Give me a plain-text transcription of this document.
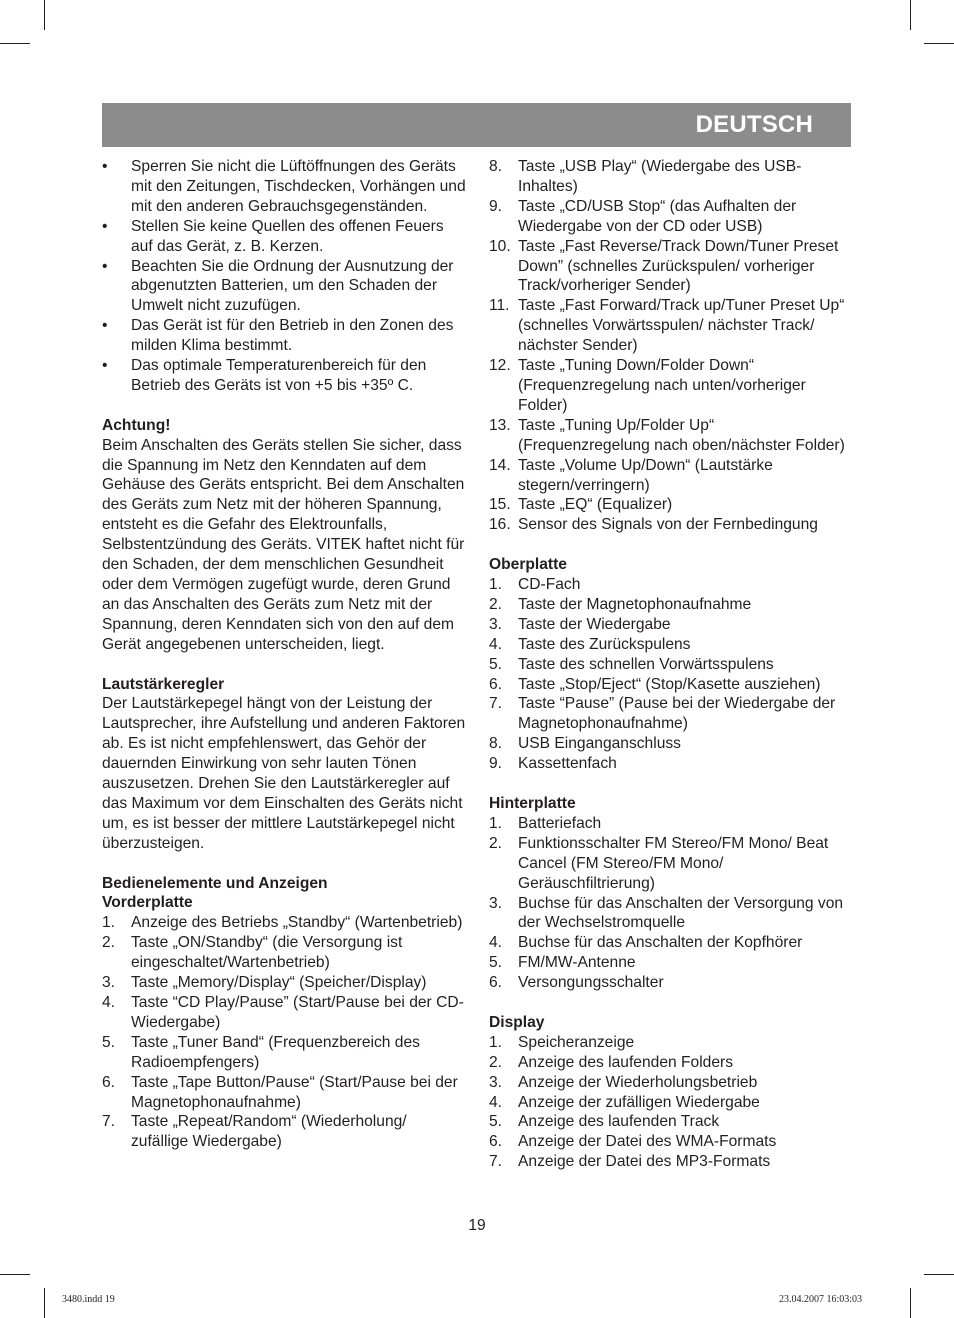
DEUTSCH
• Sperren Sie nicht die Lüftöffnungen des Geräts mit den Zeitungen, Tischdecken, Vorhängen und mit den anderen Gebrauchsgegenständen.
• Stellen Sie keine Quellen des offenen Feuers auf das Gerät, z. B. Kerzen.
• Beachten Sie die Ordnung der Ausnutzung der abgenutzten Batterien, um den Schaden der Umwelt nicht zuzufügen.
• Das Gerät ist für den Betrieb in den Zonen des milden Klima bestimmt.
• Das optimale Temperaturenbereich für den Betrieb des Geräts ist von +5 bis +35º C.
Achtung!
Beim Anschalten des Geräts stellen Sie sicher, dass die Spannung im Netz den Kenndaten auf dem Gehäuse des Geräts entspricht. Bei dem Anschalten des Geräts zum Netz mit der höheren Spannung, entsteht es die Gefahr des Elektrounfalls, Selbstentzündung des Geräts. VITEK haftet nicht für den Schaden, der dem menschlichen Gesundheit oder dem Vermögen zugefügt wurde, deren Grund an das Anschalten des Geräts zum Netz mit der Spannung, deren Kenndaten sich von den auf dem Gerät angegebenen unterscheiden, liegt.
Lautstärkeregler
Der Lautstärkepegel hängt von der Leistung der Lautsprecher, ihre Aufstellung und anderen Faktoren ab. Es ist nicht empfehlenswert, das Gehör der dauernden Einwirkung von sehr lauten Tönen auszusetzen. Drehen Sie den Lautstärkeregler auf das Maximum vor dem Einschalten des Geräts nicht um, es ist besser der mittlere Lautstärkepegel nicht überzusteigen.
Bedienelemente und Anzeigen
Vorderplatte
1. Anzeige des Betriebs „Standby“ (Wartenbetrieb)
2. Taste „ON/Standby“ (die Versorgung ist eingeschaltet/Wartenbetrieb)
3. Taste „Memory/Display“ (Speicher/Display)
4. Taste “CD Play/Pause” (Start/Pause bei der CD-Wiedergabe)
5. Taste „Tuner Band“ (Frequenzbereich des Radioempfengers)
6. Taste „Tape Button/Pause“ (Start/Pause bei der Magnetophonaufnahme)
7. Taste „Repeat/Random“ (Wiederholung/ zufällige Wiedergabe)
8. Taste „USB Play“ (Wiedergabe des USB-Inhaltes)
9. Taste „CD/USB Stop“ (das Aufhalten der Wiedergabe von der CD oder USB)
10. Taste „Fast Reverse/Track Down/Tuner Preset Down” (schnelles Zurückspulen/ vorheriger Track/vorheriger Sender)
11. Taste „Fast Forward/Track up/Tuner Preset Up“ (schnelles Vorwärtsspulen/ nächster Track/ nächster Sender)
12. Taste „Tuning Down/Folder Down“ (Frequenzregelung nach unten/vorheriger Folder)
13. Taste „Tuning Up/Folder Up“ (Frequenzregelung nach oben/nächster Folder)
14. Taste „Volume Up/Down“ (Lautstärke stegern/verringern)
15. Taste „EQ“ (Equalizer)
16. Sensor des Signals von der Fernbedingung
Oberplatte
1. CD-Fach
2. Taste der Magnetophonaufnahme
3. Taste der Wiedergabe
4. Taste des Zurückspulens
5. Taste des schnellen Vorwärtsspulens
6. Taste „Stop/Eject“ (Stop/Kasette ausziehen)
7. Taste “Pause” (Pause bei der Wiedergabe der Magnetophonaufnahme)
8. USB Einganganschluss
9. Kassettenfach
Hinterplatte
1. Batteriefach
2. Funktionsschalter FM Stereo/FM Mono/ Beat Cancel (FM Stereo/FM Mono/ Geräuschfiltrierung)
3. Buchse für das Anschalten der Versorgung von der Wechselstromquelle
4. Buchse für das Anschalten der Kopfhörer
5. FM/MW-Antenne
6. Versongungsschalter
Display
1. Speicheranzeige
2. Anzeige des laufenden Folders
3. Anzeige der Wiederholungsbetrieb
4. Anzeige der zufälligen Wiedergabe
5. Anzeige des laufenden Track
6. Anzeige der Datei des WMA-Formats
7. Anzeige der Datei des MP3-Formats
19
3480.indd 19	23.04.2007 16:03:03
